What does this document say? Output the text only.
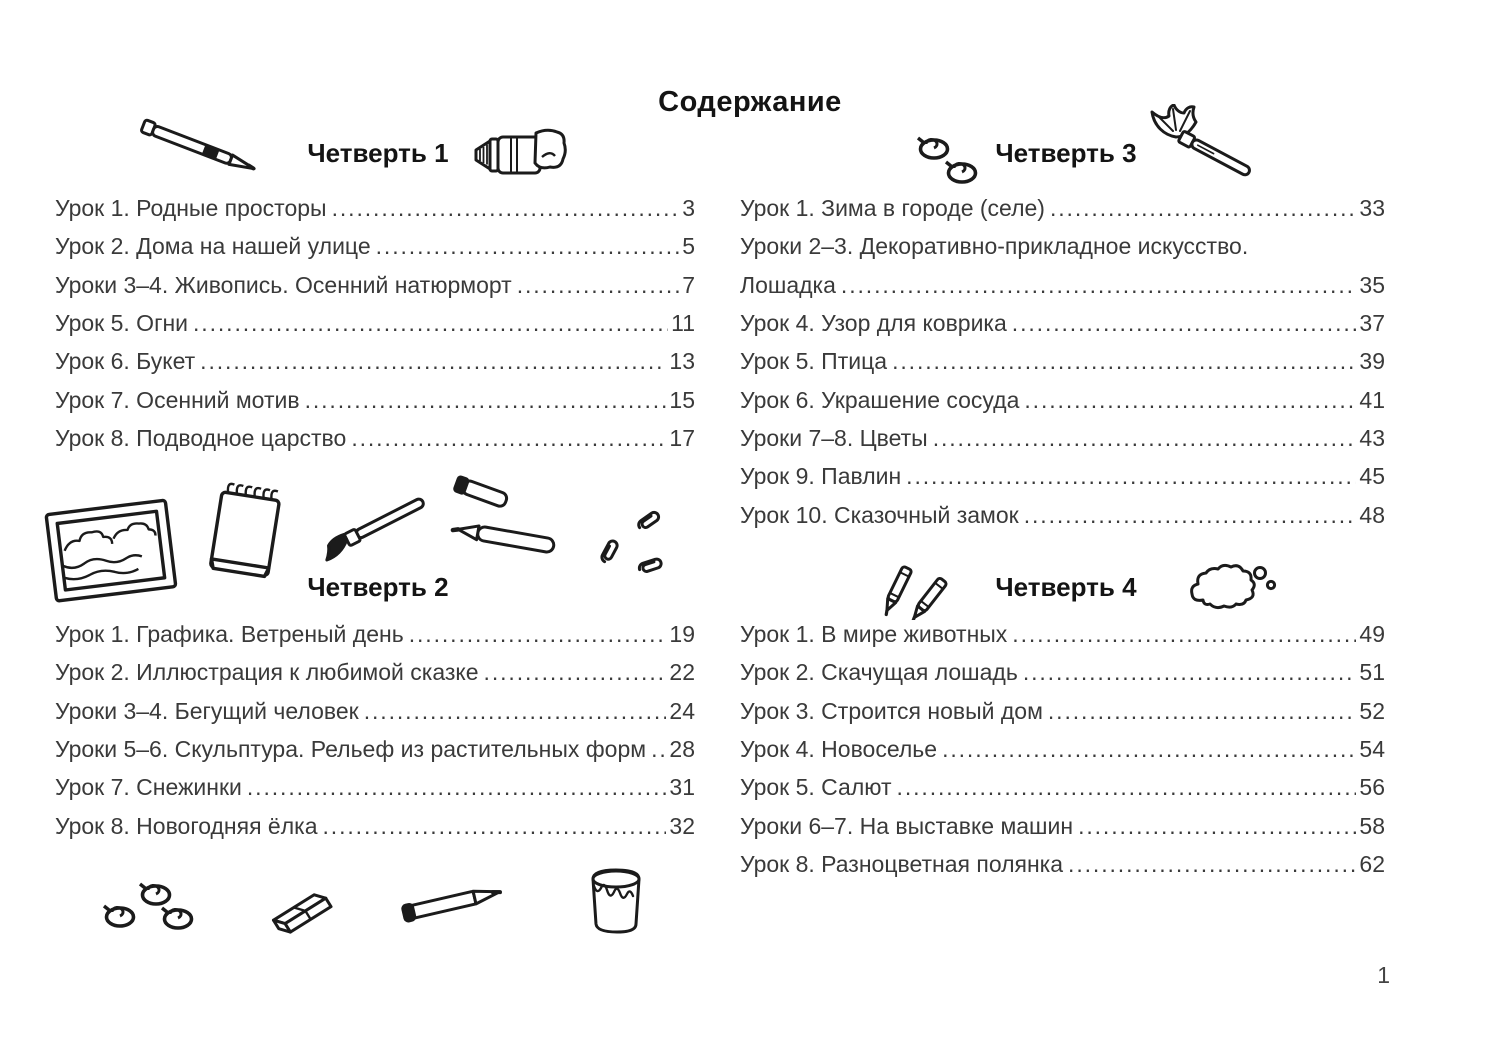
Содержание
Четверть 1
Урок 1. Родные просторы .....	3
Урок 2. Дома на нашей улице .....	5
Уроки 3–4. Живопись. Осенний натюрморт .....	7
Урок 5. Огни .....	11
Урок 6. Букет .....	13
Урок 7. Осенний мотив .....	15
Урок 8. Подводное царство .....	17
Четверть 2
Урок 1. Графика. Ветреный день .....	19
Урок 2. Иллюстрация к любимой сказке .....	22
Уроки 3–4. Бегущий человек .....	24
Уроки 5–6. Скульптура. Рельеф из растительных форм ..... 28
Урок 7. Снежинки .....	31
Урок 8. Новогодняя ёлка .....	32
Четверть 3
Урок 1. Зима в городе (селе) .....	33
Уроки 2–3. Декоративно-прикладное искусство.
Лошадка .....	35
Урок 4. Узор для коврика .....	37
Урок 5. Птица .....	39
Урок 6. Украшение сосуда .....	41
Уроки 7–8. Цветы .....	43
Урок 9. Павлин .....	45
Урок 10. Сказочный замок .....	48
Четверть 4
Урок 1. В мире животных .....	49
Урок 2. Скачущая лошадь .....	51
Урок 3. Строится новый дом .....	52
Урок 4. Новоселье .....	54
Урок 5. Салют .....	56
Уроки 6–7. На выставке машин .....	58
Урок 8. Разноцветная полянка .....	62
1
